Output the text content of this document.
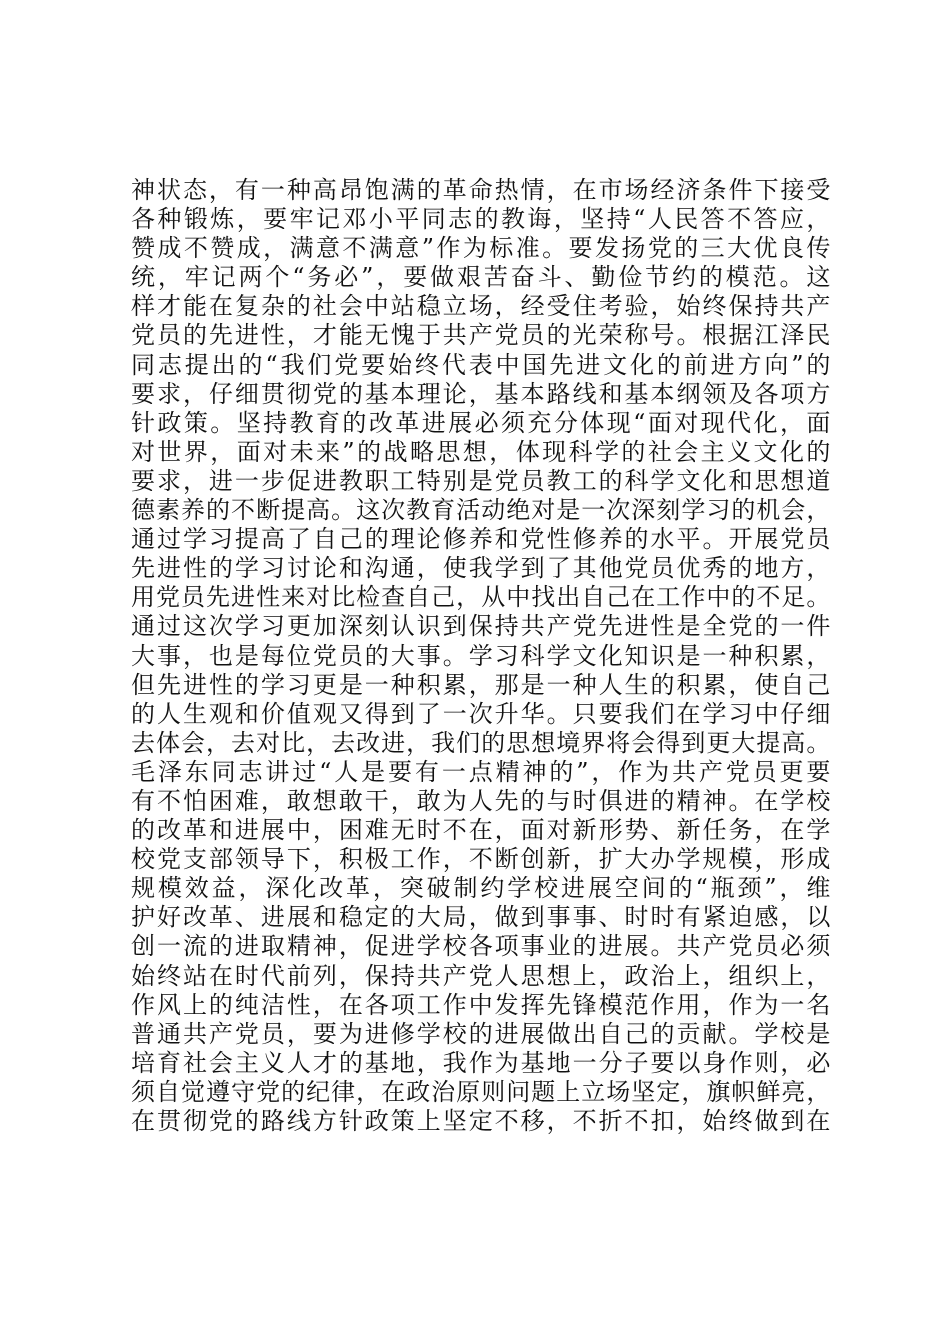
神状态，有一种高昂饱满的革命热情，在市场经济条件下接受
各种锻炼，要牢记邓小平同志的教诲，坚持“人民答不答应，
赞成不赞成，满意不满意”作为标准。要发扬党的三大优良传
统，牢记两个“务必”，要做艰苦奋斗、勤俭节约的模范。这
样才能在复杂的社会中站稳立场，经受住考验，始终保持共产
党员的先进性，才能无愧于共产党员的光荣称号。根据江泽民
同志提出的“我们党要始终代表中国先进文化的前进方向”的
要求，仔细贯彻党的基本理论，基本路线和基本纲领及各项方
针政策。坚持教育的改革进展必须充分体现“面对现代化，面
对世界，面对未来”的战略思想，体现科学的社会主义文化的
要求，进一步促进教职工特别是党员教工的科学文化和思想道
德素养的不断提高。这次教育活动绝对是一次深刻学习的机会，
通过学习提高了自己的理论修养和党性修养的水平。开展党员
先进性的学习讨论和沟通，使我学到了其他党员优秀的地方，
用党员先进性来对比检查自己，从中找出自己在工作中的不足。
通过这次学习更加深刻认识到保持共产党先进性是全党的一件
大事，也是每位党员的大事。学习科学文化知识是一种积累，
但先进性的学习更是一种积累，那是一种人生的积累，使自己
的人生观和价值观又得到了一次升华。只要我们在学习中仔细
去体会，去对比，去改进，我们的思想境界将会得到更大提高。
毛泽东同志讲过“人是要有一点精神的”，作为共产党员更要
有不怕困难，敢想敢干，敢为人先的与时俱进的精神。在学校
的改革和进展中，困难无时不在，面对新形势、新任务，在学
校党支部领导下，积极工作，不断创新，扩大办学规模，形成
规模效益，深化改革，突破制约学校进展空间的“瓶颈”，维
护好改革、进展和稳定的大局，做到事事、时时有紧迫感，以
创一流的进取精神，促进学校各项事业的进展。共产党员必须
始终站在时代前列，保持共产党人思想上，政治上，组织上，
作风上的纯洁性，在各项工作中发挥先锋模范作用，作为一名
普通共产党员，要为进修学校的进展做出自己的贡献。学校是
培育社会主义人才的基地，我作为基地一分子要以身作则，必
须自觉遵守党的纪律，在政治原则问题上立场坚定，旗帜鲜亮，
在贯彻党的路线方针政策上坚定不移，不折不扣，始终做到在
